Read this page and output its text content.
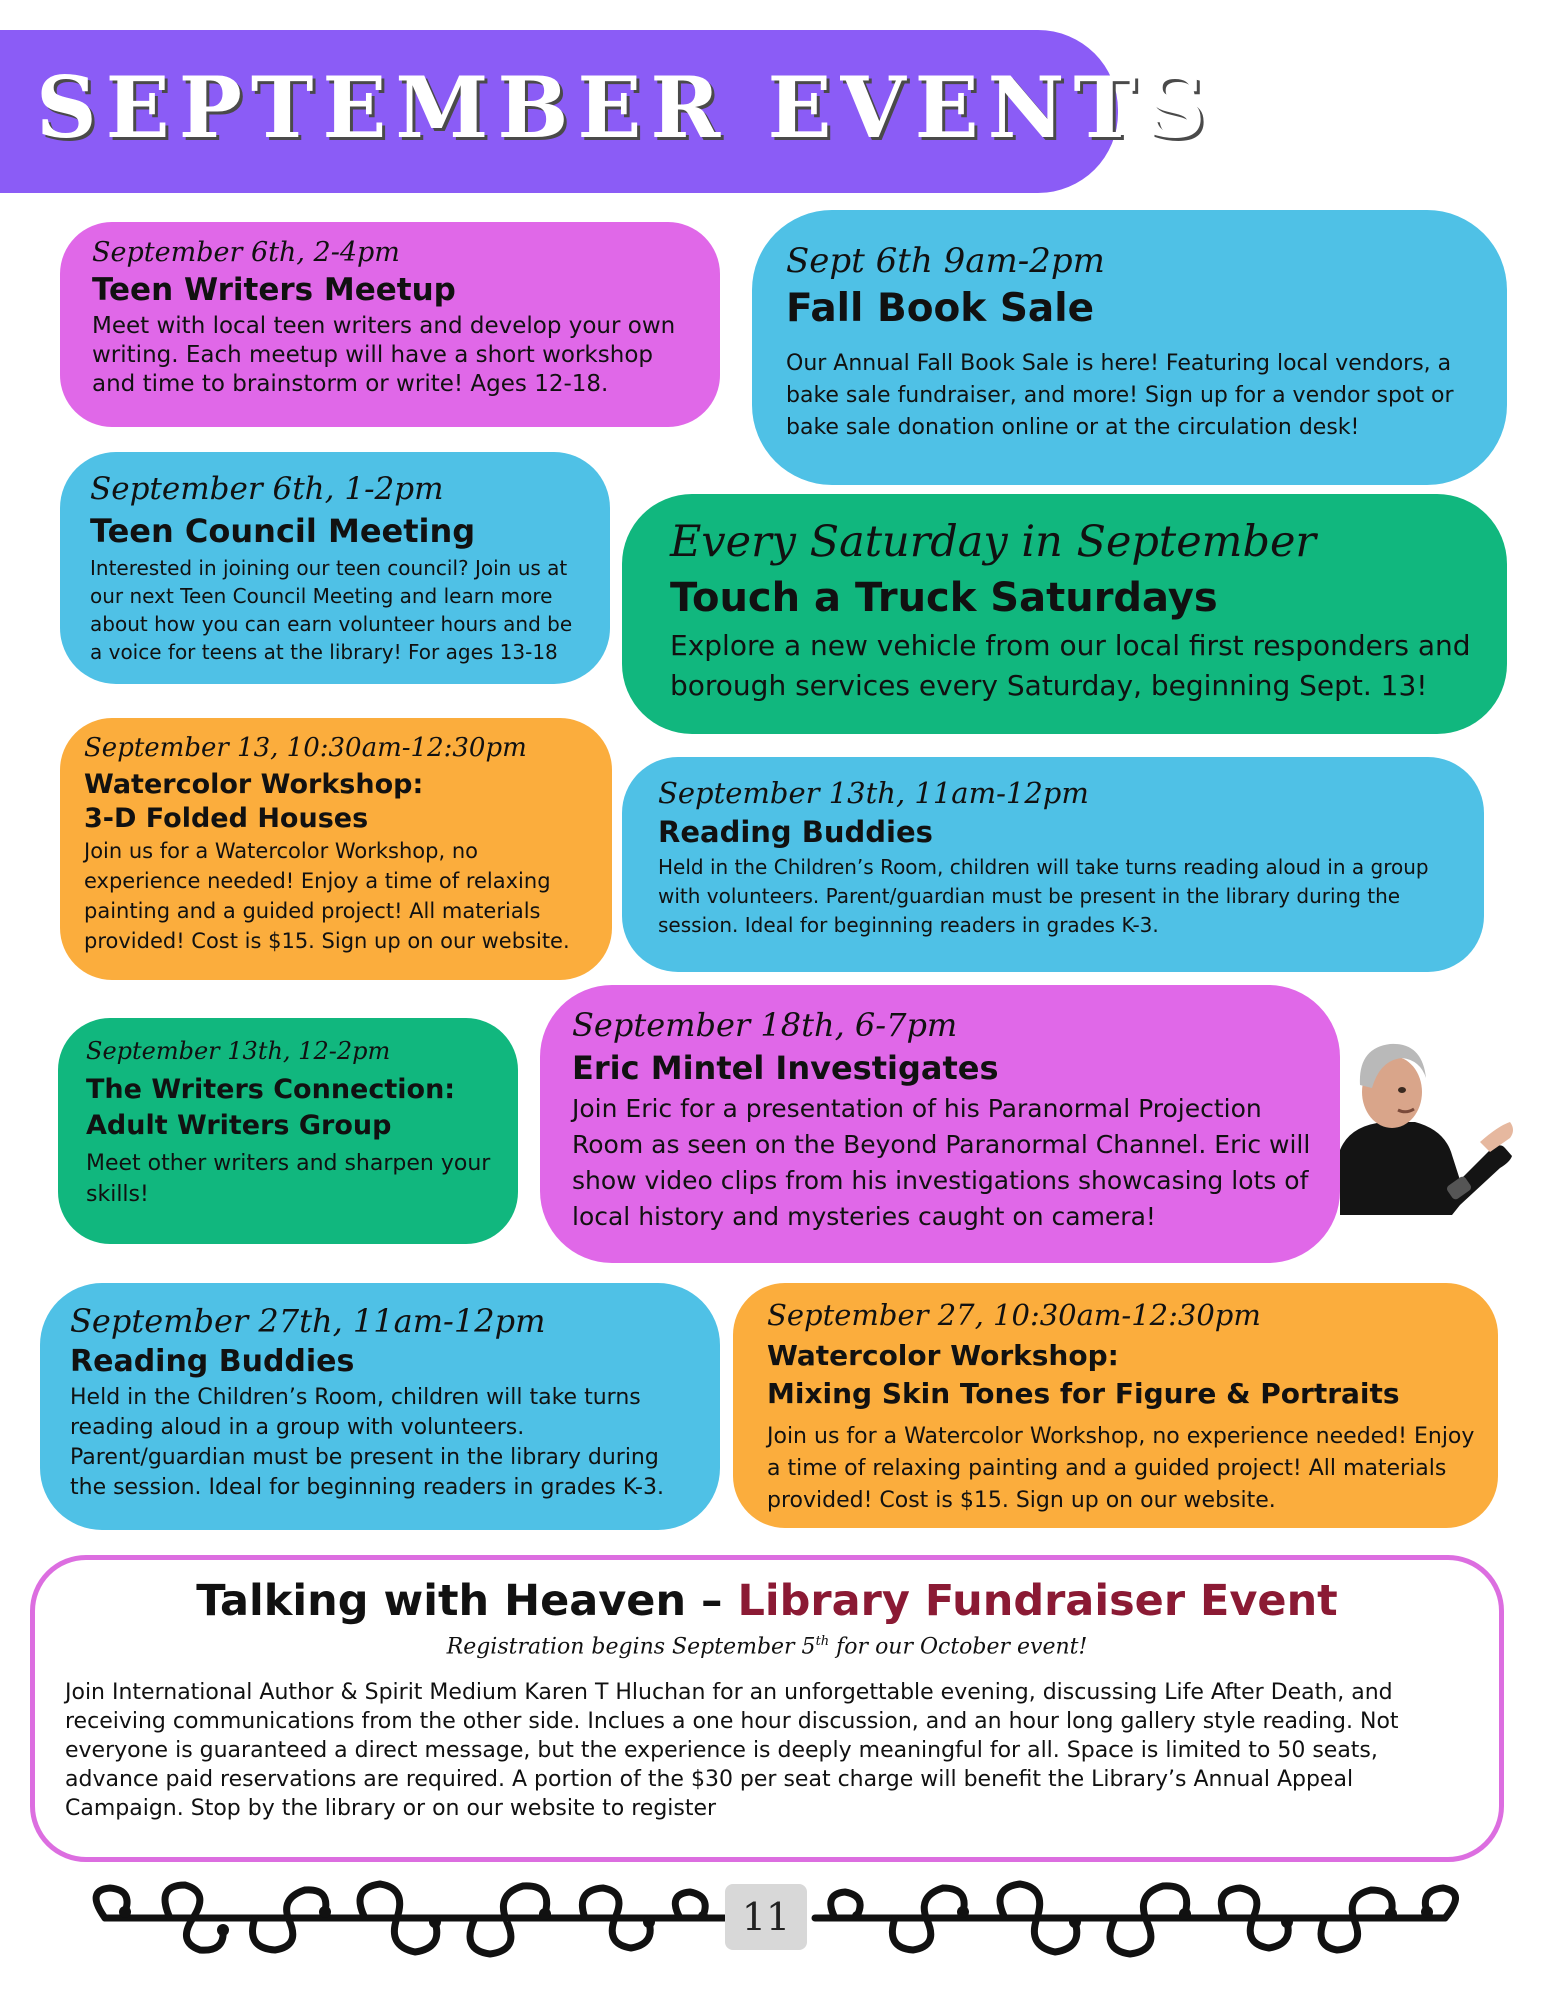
SEPTEMBER EVENTS
September 6th, 2-4pm
Teen Writers Meetup
Meet with local teen writers and develop your own writing. Each meetup will have a short workshop and time to brainstorm or write! Ages 12-18.
Sept 6th 9am-2pm
Fall Book Sale
Our Annual Fall Book Sale is here! Featuring local vendors, a bake sale fundraiser, and more! Sign up for a vendor spot or bake sale donation online or at the circulation desk!
September 6th, 1-2pm
Teen Council Meeting
Interested in joining our teen council? Join us at our next Teen Council Meeting and learn more about how you can earn volunteer hours and be a voice for teens at the library! For ages 13-18
Every Saturday in September
Touch a Truck Saturdays
Explore a new vehicle from our local first responders and borough services every Saturday, beginning Sept. 13!
September 13, 10:30am-12:30pm
Watercolor Workshop:
3-D Folded Houses
Join us for a Watercolor Workshop, no experience needed! Enjoy a time of relaxing painting and a guided project! All materials provided! Cost is $15. Sign up on our website.
September 13th, 11am-12pm
Reading Buddies
Held in the Children’s Room, children will take turns reading aloud in a group with volunteers. Parent/guardian must be present in the library during the session. Ideal for beginning readers in grades K-3.
September 13th, 12-2pm
The Writers Connection:
Adult Writers Group
Meet other writers and sharpen your skills!
September 18th, 6-7pm
Eric Mintel Investigates
Join Eric for a presentation of his Paranormal Projection Room as seen on the Beyond Paranormal Channel. Eric will show video clips from his investigations showcasing lots of local history and mysteries caught on camera!
September 27th, 11am-12pm
Reading Buddies
Held in the Children’s Room, children will take turns reading aloud in a group with volunteers. Parent/guardian must be present in the library during the session. Ideal for beginning readers in grades K-3.
September 27, 10:30am-12:30pm
Watercolor Workshop:
Mixing Skin Tones for Figure & Portraits
Join us for a Watercolor Workshop, no experience needed! Enjoy a time of relaxing painting and a guided project! All materials provided! Cost is $15. Sign up on our website.
Talking with Heaven – Library Fundraiser Event
Registration begins September 5th for our October event!
Join International Author & Spirit Medium Karen T Hluchan for an unforgettable evening, discussing Life After Death, and receiving communications from the other side. Inclues a one hour discussion, and an hour long gallery style reading. Not everyone is guaranteed a direct message, but the experience is deeply meaningful for all. Space is limited to 50 seats, advance paid reservations are required. A portion of the $30 per seat charge will benefit the Library’s Annual Appeal Campaign. Stop by the library or on our website to register
11
